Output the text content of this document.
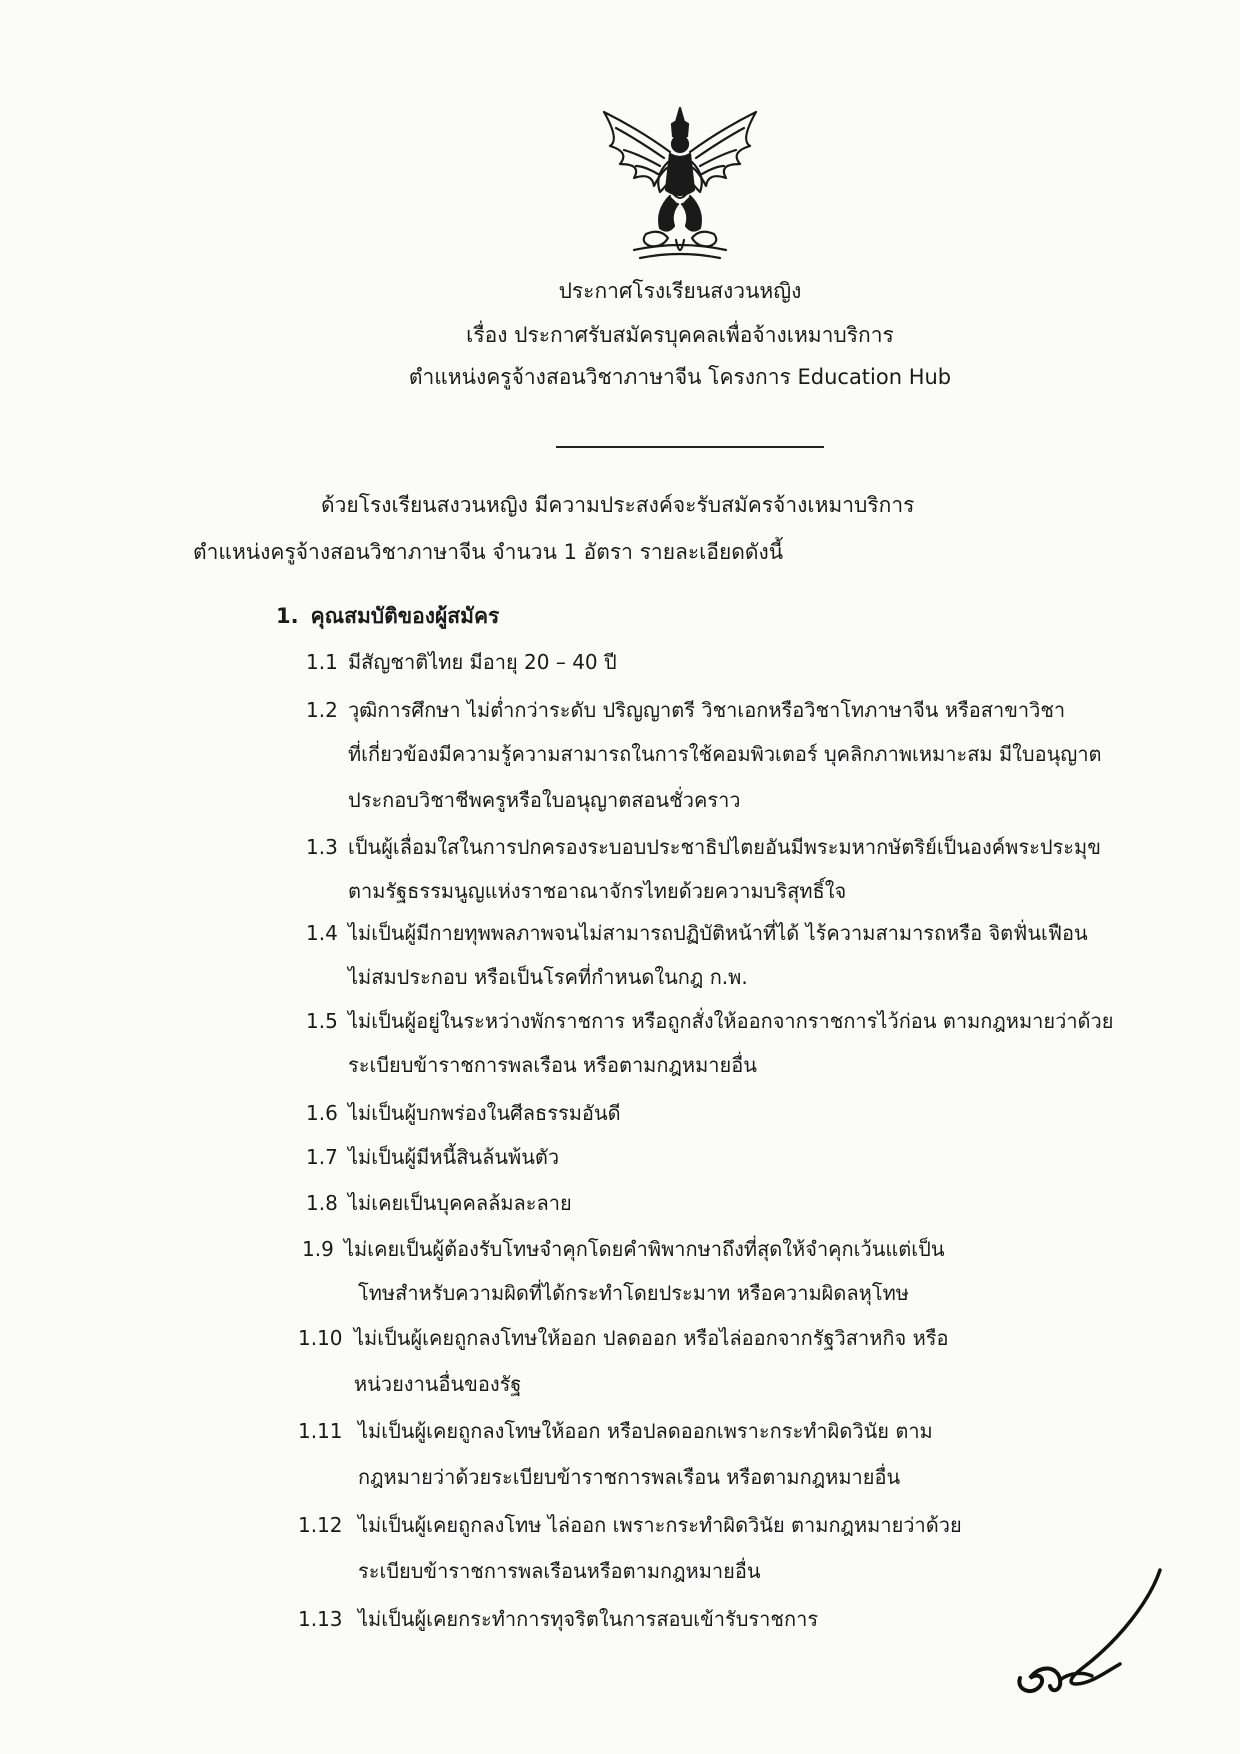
ประกาศโรงเรียนสงวนหญิง
เรื่อง ประกาศรับสมัครบุคคลเพื่อจ้างเหมาบริการ
ตำแหน่งครูจ้างสอนวิชาภาษาจีน โครงการ Education Hub
ด้วยโรงเรียนสงวนหญิง มีความประสงค์จะรับสมัครจ้างเหมาบริการ
ตำแหน่งครูจ้างสอนวิชาภาษาจีน จำนวน 1 อัตรา รายละเอียดดังนี้
1. คุณสมบัติของผู้สมัคร
1.1 มีสัญชาติไทย มีอายุ 20 – 40 ปี
1.2 วุฒิการศึกษา ไม่ต่ำกว่าระดับ ปริญญาตรี วิชาเอกหรือวิชาโทภาษาจีน หรือสาขาวิชา
ที่เกี่ยวข้องมีความรู้ความสามารถในการใช้คอมพิวเตอร์ บุคลิกภาพเหมาะสม มีใบอนุญาต
ประกอบวิชาชีพครูหรือใบอนุญาตสอนชั่วคราว
1.3 เป็นผู้เลื่อมใสในการปกครองระบอบประชาธิปไตยอันมีพระมหากษัตริย์เป็นองค์พระประมุข
ตามรัฐธรรมนูญแห่งราชอาณาจักรไทยด้วยความบริสุทธิ์ใจ
1.4 ไม่เป็นผู้มีกายทุพพลภาพจนไม่สามารถปฏิบัติหน้าที่ได้ ไร้ความสามารถหรือ จิตฟั่นเฟือน
ไม่สมประกอบ หรือเป็นโรคที่กำหนดในกฎ ก.พ.
1.5 ไม่เป็นผู้อยู่ในระหว่างพักราชการ หรือถูกสั่งให้ออกจากราชการไว้ก่อน ตามกฎหมายว่าด้วย
ระเบียบข้าราชการพลเรือน หรือตามกฎหมายอื่น
1.6 ไม่เป็นผู้บกพร่องในศีลธรรมอันดี
1.7 ไม่เป็นผู้มีหนี้สินล้นพ้นตัว
1.8 ไม่เคยเป็นบุคคลล้มละลาย
1.9 ไม่เคยเป็นผู้ต้องรับโทษจำคุกโดยคำพิพากษาถึงที่สุดให้จำคุกเว้นแต่เป็น
โทษสำหรับความผิดที่ได้กระทำโดยประมาท หรือความผิดลหุโทษ
1.10 ไม่เป็นผู้เคยถูกลงโทษให้ออก ปลดออก หรือไล่ออกจากรัฐวิสาหกิจ หรือ
หน่วยงานอื่นของรัฐ
1.11 ไม่เป็นผู้เคยถูกลงโทษให้ออก หรือปลดออกเพราะกระทำผิดวินัย ตาม
กฎหมายว่าด้วยระเบียบข้าราชการพลเรือน หรือตามกฎหมายอื่น
1.12 ไม่เป็นผู้เคยถูกลงโทษ ไล่ออก เพราะกระทำผิดวินัย ตามกฎหมายว่าด้วย
ระเบียบข้าราชการพลเรือนหรือตามกฎหมายอื่น
1.13 ไม่เป็นผู้เคยกระทำการทุจริตในการสอบเข้ารับราชการ
